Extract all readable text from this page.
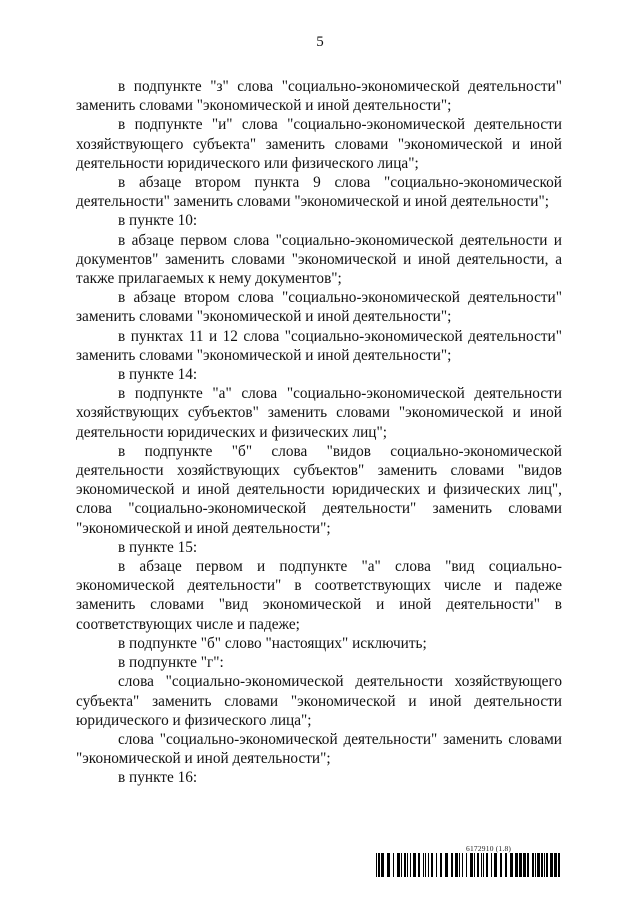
5

в подпункте "з" слова "социально-экономической деятельности" заменить словами "экономической и иной деятельности";

в подпункте "и" слова "социально-экономической деятельности хозяйствующего субъекта" заменить словами "экономической и иной деятельности юридического или физического лица";

в абзаце втором пункта 9 слова "социально-экономической деятельности" заменить словами "экономической и иной деятельности";

в пункте 10:

в абзаце первом слова "социально-экономической деятельности и документов" заменить словами "экономической и иной деятельности, а также прилагаемых к нему документов";

в абзаце втором слова "социально-экономической деятельности" заменить словами "экономической и иной деятельности";

в пунктах 11 и 12 слова "социально-экономической деятельности" заменить словами "экономической и иной деятельности";

в пункте 14:

в подпункте "а" слова "социально-экономической деятельности хозяйствующих субъектов" заменить словами "экономической и иной деятельности юридических и физических лиц";

в подпункте "б" слова "видов социально-экономической деятельности хозяйствующих субъектов" заменить словами "видов экономической и иной деятельности юридических и физических лиц", слова "социально-экономической деятельности" заменить словами "экономической и иной деятельности";

в пункте 15:

в абзаце первом и подпункте "а" слова "вид социально-экономической деятельности" в соответствующих числе и падеже заменить словами "вид экономической и иной деятельности" в соответствующих числе и падеже;

в подпункте "б" слово "настоящих" исключить;

в подпункте "г":

слова "социально-экономической деятельности хозяйствующего субъекта" заменить словами "экономической и иной деятельности юридического и физического лица";

слова "социально-экономической деятельности" заменить словами "экономической и иной деятельности";

в пункте 16:

6172910 (1.8)
